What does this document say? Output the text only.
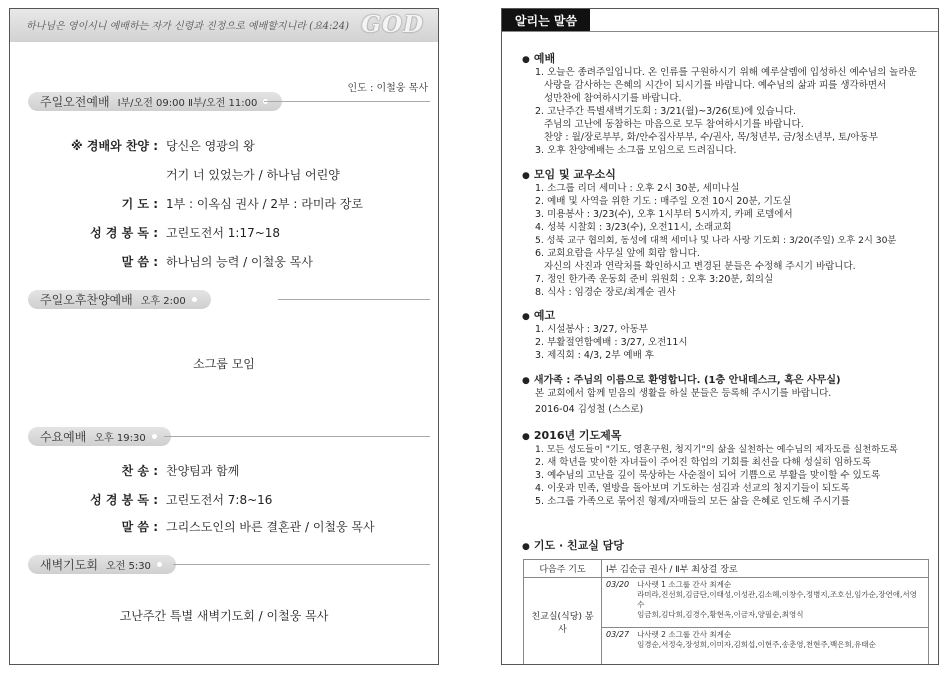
하나님은 영이시니 예배하는 자가 신령과 진정으로 예배할지니라 (요4:24) GOD
인도 : 이철웅 목사
주일오전예배 Ⅰ부/오전 09:00 Ⅱ부/오전 11:00
※ 경배와 찬양 : 당신은 영광의 왕
거기 너 있었는가 / 하나님 어린양
기 도 : 1부 : 이옥심 권사 / 2부 : 라미라 장로
성 경 봉 독 : 고린도전서 1:17~18
말 씀 : 하나님의 능력 / 이철웅 목사
주일오후찬양예배 오후 2:00
소그룹 모임
수요예배 오후 19:30
찬 송 : 찬양팀과 함께
성 경 봉 독 : 고린도전서 7:8~16
말 씀 : 그리스도인의 바른 결혼관 / 이철웅 목사
새벽기도회 오전 5:30
고난주간 특별 새벽기도회 / 이철웅 목사
알리는 말씀
● 예배
1. 오늘은 종려주일입니다. 온 인류를 구원하시기 위해 예루살렘에 입성하신 예수님의 놀라운
사랑을 감사하는 은혜의 시간이 되시기를 바랍니다. 예수님의 삶과 피를 생각하면서
성만찬에 참여하시기를 바랍니다.
2. 고난주간 특별새벽기도회 : 3/21(월)~3/26(토)에 있습니다.
주님의 고난에 동참하는 마음으로 모두 참여하시기를 바랍니다.
찬양 : 월/장로부부, 화/안수집사부부, 수/권사, 목/청년부, 금/청소년부, 토/아동부
3. 오후 찬양예배는 소그룹 모임으로 드려집니다.
● 모임 및 교우소식
1. 소그룹 리더 세미나 : 오후 2시 30분, 세미나실
2. 예배 및 사역을 위한 기도 : 매주일 오전 10시 20분, 기도실
3. 미용봉사 : 3/23(수), 오후 1시부터 5시까지, 카페 로뎀에서
4. 성북 시찰회 : 3/23(수), 오전11시, 소래교회
5. 성북 교구 협의회, 동성에 대책 세미나 및 나라 사랑 기도회 : 3/20(주일) 오후 2시 30분
6. 교회요람을 사무실 앞에 회람 합니다.
자신의 사진과 연락처를 확인하시고 변경된 분들은 수정해 주시기 바랍니다.
7. 정인 한가족 운동회 준비 위원회 : 오후 3:20분, 회의실
8. 식사 : 임경순 장로/최계순 권사
● 예고
1. 시설봉사 : 3/27, 아동부
2. 부활절연합예배 : 3/27, 오전11시
3. 제직회 : 4/3, 2부 예배 후
● 새가족 : 주님의 이름으로 환영합니다. (1층 안내데스크, 혹은 사무실)
본 교회에서 함께 믿음의 생활을 하실 분들은 등록해 주시기를 바랍니다.
2016-04 김성철 (스스로)
● 2016년 기도제목
1. 모든 성도들이 "기도, 영혼구원, 청지기"의 삶을 실천하는 예수님의 제자도를 실천하도록
2. 새 학년을 맞이한 자녀들이 주어진 학업의 기회를 최선을 다해 성실히 임하도록
3. 예수님의 고난을 깊이 묵상하는 사순절이 되어 기쁨으로 부활을 맞이할 수 있도록
4. 이웃과 민족, 열방을 돌아보며 기도하는 섬김과 선교의 청지기들이 되도록
5. 소그룹 가족으로 묶어진 형제/자매들의 모든 삶을 은혜로 인도해 주시기를
● 기도 · 친교실 담당
다음주 기도	Ⅰ부 김순금 권사 / Ⅱ부 최상걸 장로	
친교실(식당) 봉사	03/20	나사렛 1 소그룹 간사 최계순
라미라,진선희,김금단,이태성,이성관,김소혜,이창수,정병지,조호선,임가순,장연애,서영수
임금희,김다희,김경수,황현옥,이금자,양필순,최영식

	03/27	나사렛 2 소그룹 간사 최계순
임경순,서정숙,장성희,이미자,김희섭,이현주,송춘영,천현주,백은희,유태순
